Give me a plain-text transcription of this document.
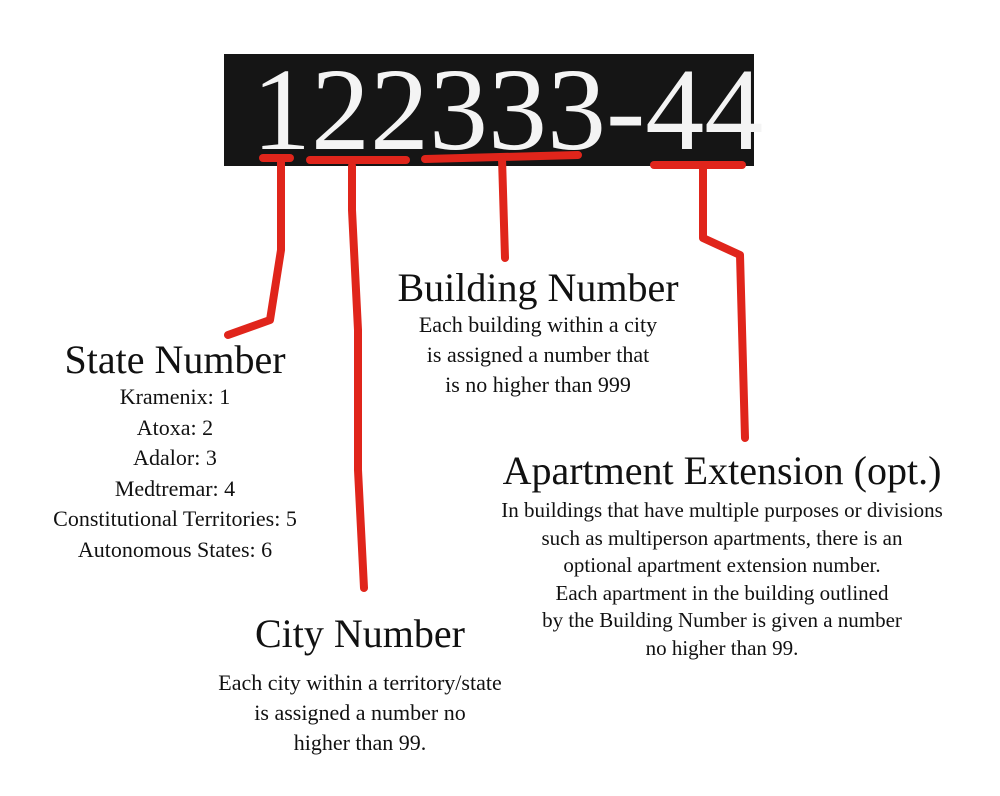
122333-44
State Number
Kramenix: 1
Atoxa: 2
Adalor: 3
Medtremar: 4
Constitutional Territories: 5
Autonomous States: 6
Building Number
Each building within a city
is assigned a number that
is no higher than 999
Apartment Extension (opt.)
In buildings that have multiple purposes or divisions
such as multiperson apartments, there is an
optional apartment extension number.
Each apartment in the building outlined
by the Building Number is given a number
no higher than 99.
City Number
Each city within a territory/state
is assigned a number no
higher than 99.
